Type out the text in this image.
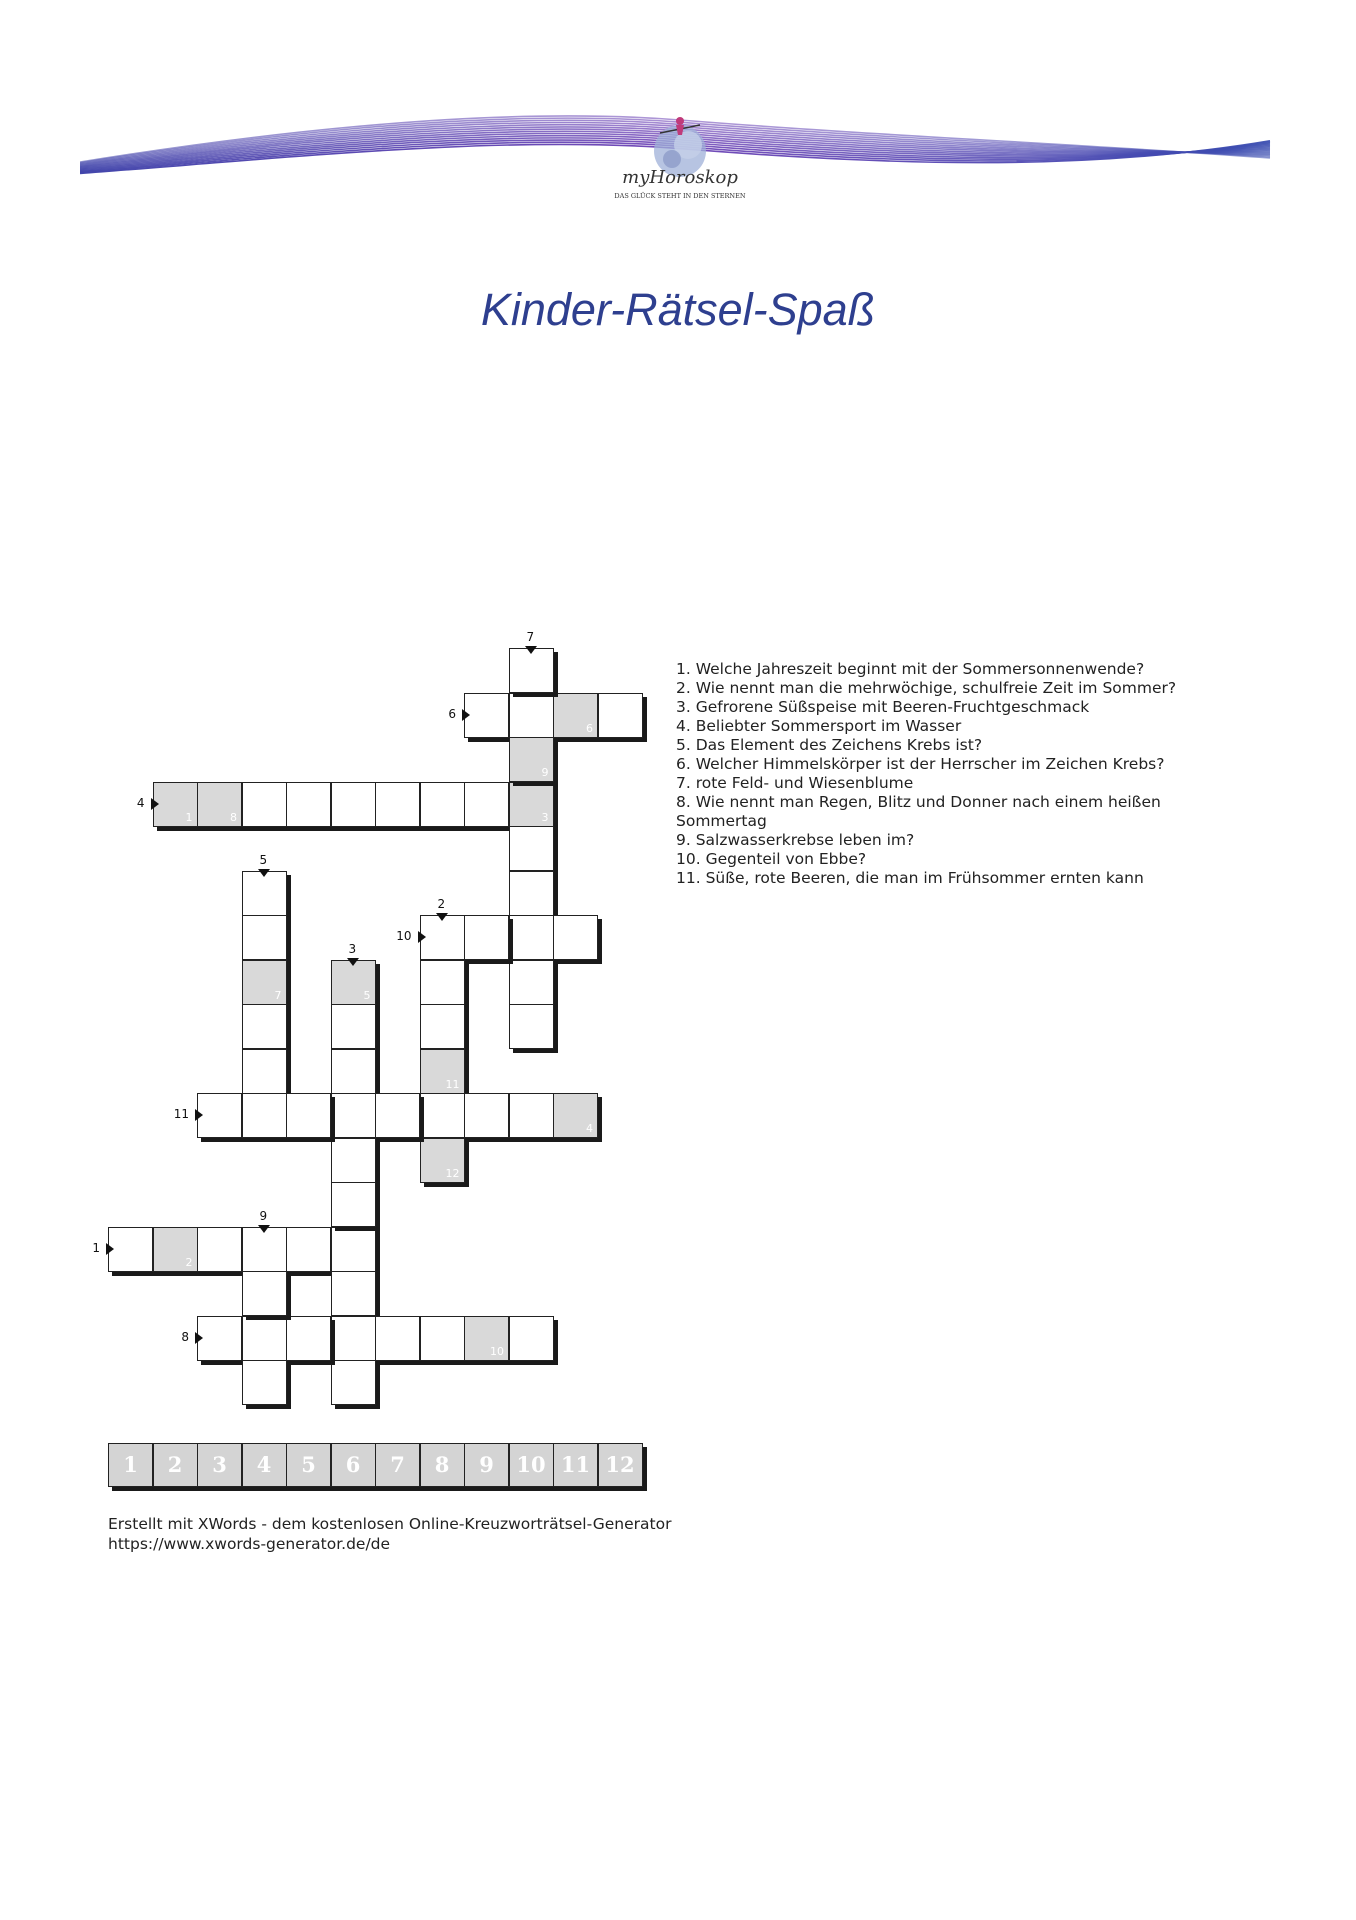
myHoroskop
DAS GLÜCK STEHT IN DEN STERNEN
Kinder-Rätsel-Spaß
2
11
12
5
1	8	3
7
6
9
10
4
1
2
3
4
5
6
7
8
9
10
11
1. Welche Jahreszeit beginnt mit der Sommersonnenwende?
2. Wie nennt man die mehrwöchige, schulfreie Zeit im Sommer?
3. Gefrorene Süßspeise mit Beeren-Fruchtgeschmack
4. Beliebter Sommersport im Wasser
5. Das Element des Zeichens Krebs ist?
6. Welcher Himmelskörper ist der Herrscher im Zeichen Krebs?
7. rote Feld- und Wiesenblume
8. Wie nennt man Regen, Blitz und Donner nach einem heißen Sommertag
9. Salzwasserkrebse leben im?
10. Gegenteil von Ebbe?
11. Süße, rote Beeren, die man im Frühsommer ernten kann
1	2	3	4	5	6	7	8	9	10 11 12
Erstellt mit XWords - dem kostenlosen Online-Kreuzworträtsel-Generator
https://www.xwords-generator.de/de
